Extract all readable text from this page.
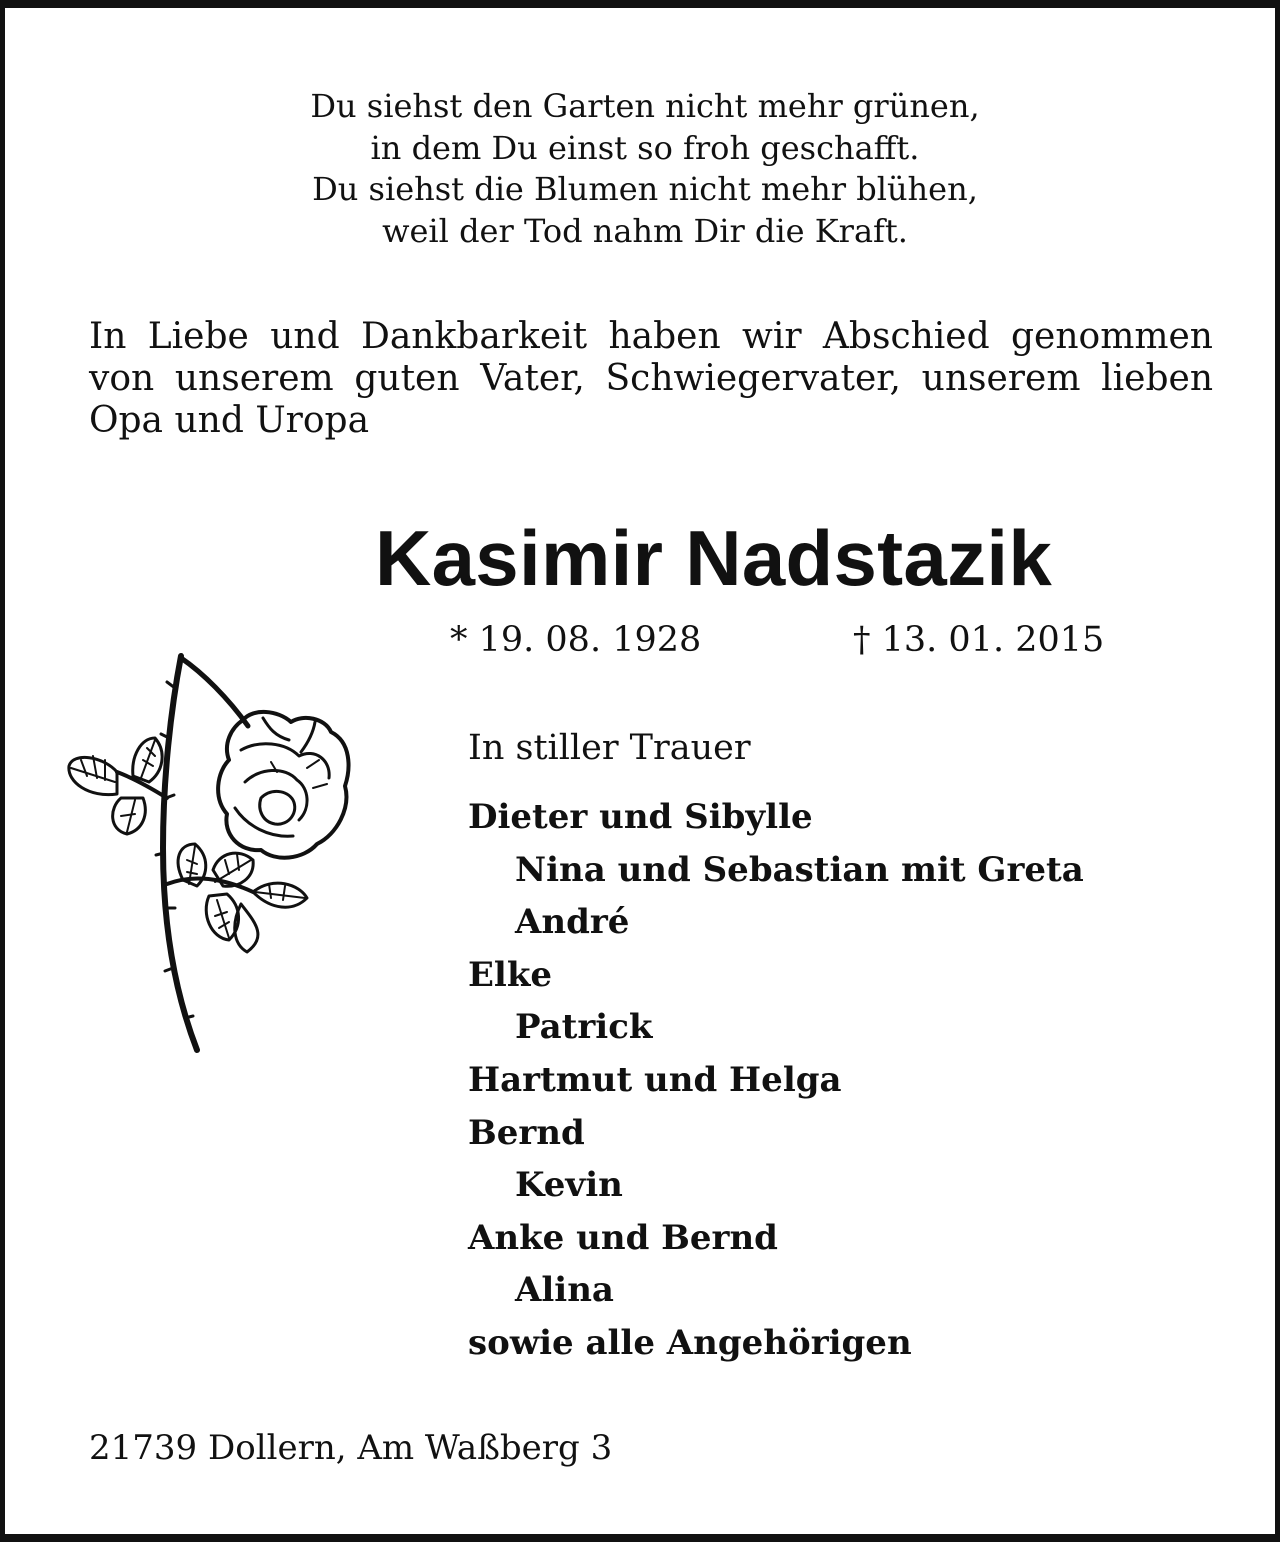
Du siehst den Garten nicht mehr grünen,
in dem Du einst so froh geschafft.
Du siehst die Blumen nicht mehr blühen,
weil der Tod nahm Dir die Kraft.
In Liebe und Dankbarkeit haben wir Abschied genommen
von unserem guten Vater, Schwiegervater, unserem lieben
Opa und Uropa
Kasimir Nadstazik
* 19. 08. 1928	† 13. 01. 2015
In stiller Trauer
Dieter und Sibylle
Nina und Sebastian mit Greta
André
Elke
Patrick
Hartmut und Helga
Bernd
Kevin
Anke und Bernd
Alina
sowie alle Angehörigen
21739 Dollern, Am Waßberg 3
